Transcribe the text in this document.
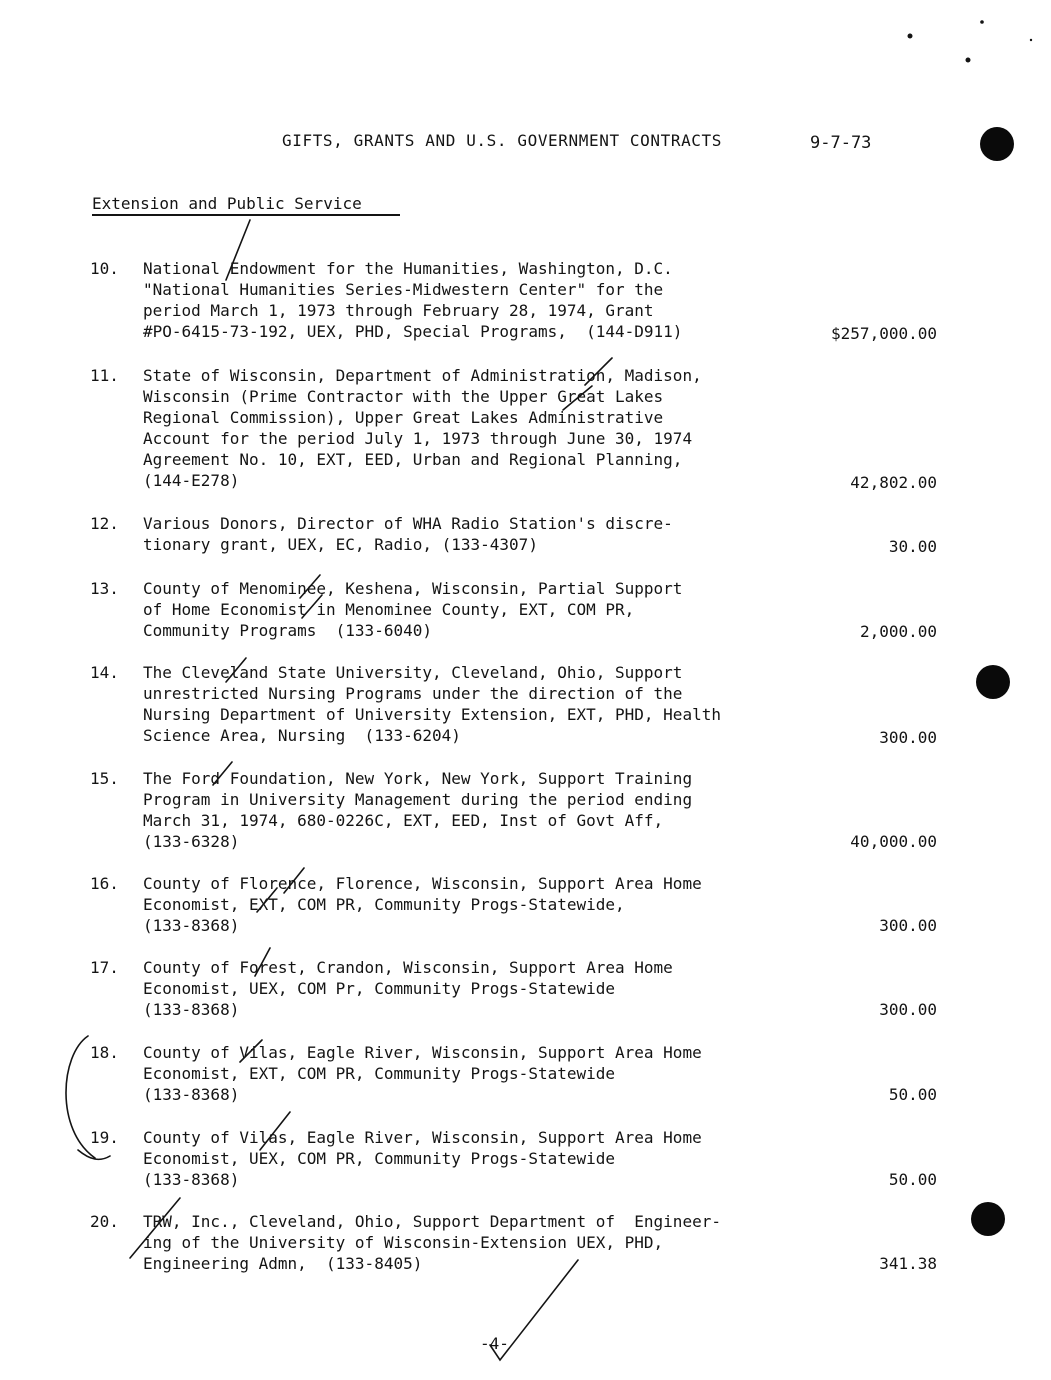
GIFTS, GRANTS AND U.S. GOVERNMENT CONTRACTS	9-7-73
Extension and Public Service
10. National Endowment for the Humanities, Washington, D.C.
"National Humanities Series-Midwestern Center" for the
period March 1, 1973 through February 28, 1974, Grant
#PO-6415-73-192, UEX, PHD, Special Programs,  (144-D911)	$257,000.00
11. State of Wisconsin, Department of Administration, Madison,
Wisconsin (Prime Contractor with the Upper Great Lakes
Regional Commission), Upper Great Lakes Administrative
Account for the period July 1, 1973 through June 30, 1974
Agreement No. 10, EXT, EED, Urban and Regional Planning,
(144-E278)	42,802.00
12. Various Donors, Director of WHA Radio Station's discre-
tionary grant, UEX, EC, Radio, (133-4307)	30.00
13. County of Menominee, Keshena, Wisconsin, Partial Support
of Home Economist in Menominee County, EXT, COM PR,
Community Programs  (133-6040)	2,000.00
14. The Cleveland State University, Cleveland, Ohio, Support
unrestricted Nursing Programs under the direction of the
Nursing Department of University Extension, EXT, PHD, Health
Science Area, Nursing  (133-6204)	300.00
15. The Ford Foundation, New York, New York, Support Training
Program in University Management during the period ending
March 31, 1974, 680-0226C, EXT, EED, Inst of Govt Aff,
(133-6328)	40,000.00
16. County of Florence, Florence, Wisconsin, Support Area Home
Economist, EXT, COM PR, Community Progs-Statewide,
(133-8368)	300.00
17. County of Forest, Crandon, Wisconsin, Support Area Home
Economist, UEX, COM Pr, Community Progs-Statewide
(133-8368)	300.00
18. County of Vilas, Eagle River, Wisconsin, Support Area Home
Economist, EXT, COM PR, Community Progs-Statewide
(133-8368)	50.00
19. County of Vilas, Eagle River, Wisconsin, Support Area Home
Economist, UEX, COM PR, Community Progs-Statewide
(133-8368)	50.00
20. TRW, Inc., Cleveland, Ohio, Support Department of  Engineer-
ing of the University of Wisconsin-Extension UEX, PHD,
Engineering Admn,  (133-8405)	341.38
-4-
